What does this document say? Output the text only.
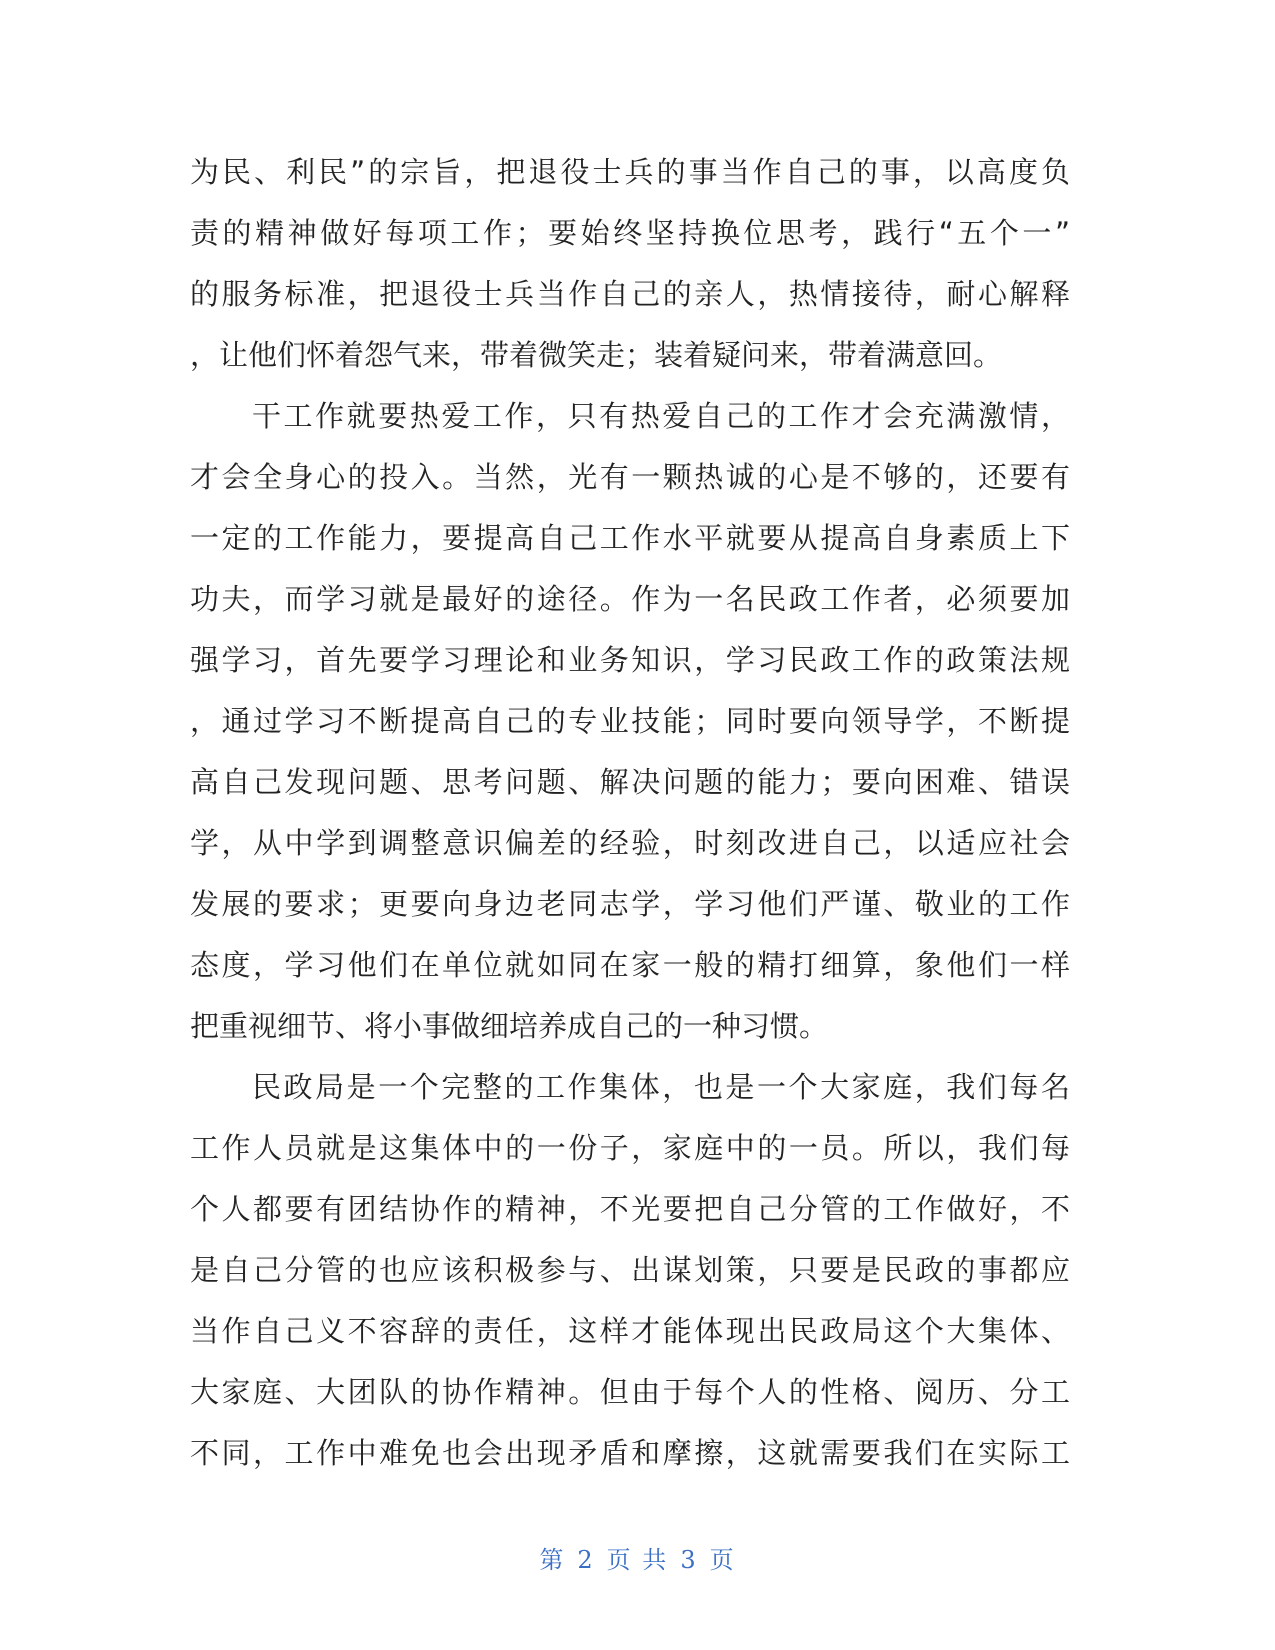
为民、利民”的宗旨，把退役士兵的事当作自己的事，以高度负
责的精神做好每项工作；要始终坚持换位思考，践行“五个一”
的服务标准，把退役士兵当作自己的亲人，热情接待，耐心解释
，让他们怀着怨气来，带着微笑走；装着疑问来，带着满意回。
干工作就要热爱工作，只有热爱自己的工作才会充满激情，
才会全身心的投入。当然，光有一颗热诚的心是不够的，还要有
一定的工作能力，要提高自己工作水平就要从提高自身素质上下
功夫，而学习就是最好的途径。作为一名民政工作者，必须要加
强学习，首先要学习理论和业务知识，学习民政工作的政策法规
，通过学习不断提高自己的专业技能；同时要向领导学，不断提
高自己发现问题、思考问题、解决问题的能力；要向困难、错误
学，从中学到调整意识偏差的经验，时刻改进自己，以适应社会
发展的要求；更要向身边老同志学，学习他们严谨、敬业的工作
态度，学习他们在单位就如同在家一般的精打细算，象他们一样
把重视细节、将小事做细培养成自己的一种习惯。
民政局是一个完整的工作集体，也是一个大家庭，我们每名
工作人员就是这集体中的一份子，家庭中的一员。所以，我们每
个人都要有团结协作的精神，不光要把自己分管的工作做好，不
是自己分管的也应该积极参与、出谋划策，只要是民政的事都应
当作自己义不容辞的责任，这样才能体现出民政局这个大集体、
大家庭、大团队的协作精神。但由于每个人的性格、阅历、分工
不同，工作中难免也会出现矛盾和摩擦，这就需要我们在实际工
第 2 页 共 3 页
